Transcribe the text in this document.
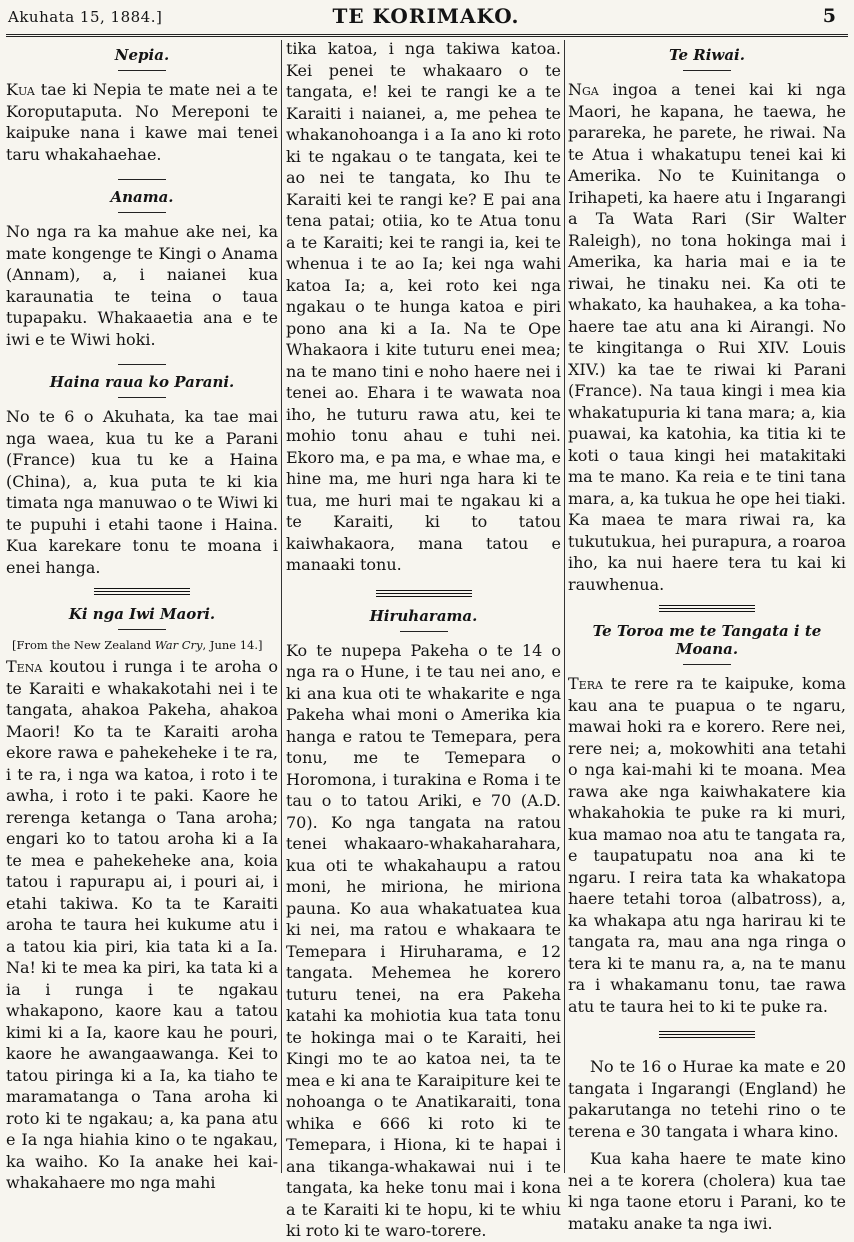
Akuhata 15, 1884.]	TE KORIMAKO.	5
Nepia.

Kua tae ki Nepia te mate nei a te Koroputaputa. No Mereponi te kaipuke nana i kawe mai tenei taru whakahaehae.

Anama.

No nga ra ka mahue ake nei, ka mate kongenge te Kingi o Anama (Annam), a, i naianei kua karaunatia te teina o taua tupapaku. Whakaaetia ana e te iwi e te Wiwi hoki.

Haina raua ko Parani.

No te 6 o Akuhata, ka tae mai nga waea, kua tu ke a Parani (France) kua tu ke a Haina (China), a, kua puta te ki kia timata nga manuwao o te Wiwi ki te pupuhi i etahi taone i Haina. Kua karekare tonu te moana i enei hanga.

Ki nga Iwi Maori.
[From the New Zealand War Cry, June 14.]

Tena koutou i runga i te aroha o te Karaiti e whakakotahi nei i te tangata, ahakoa Pakeha, ahakoa Maori! Ko ta te Karaiti aroha ekore rawa e pahekeheke i te ra, i te ra, i nga wa katoa, i roto i te awha, i roto i te paki. Kaore he rerenga ketanga o Tana aroha; engari ko to tatou aroha ki a Ia te mea e pahekeheke ana, koia tatou i rapurapu ai, i pouri ai, i etahi takiwa. Ko ta te Karaiti aroha te taura hei kukume atu i a tatou kia piri, kia tata ki a Ia. Na! ki te mea ka piri, ka tata ki a ia i runga i te ngakau whakapono, kaore kau a tatou kimi ki a Ia, kaore kau he pouri, kaore he awangaawanga. Kei to tatou piringa ki a Ia, ka tiaho te maramatanga o Tana aroha ki roto ki te ngakau; a, ka pana atu e Ia nga hiahia kino o te ngakau, ka waiho. Ko Ia anake hei kai-whakahaere mo nga mahi

tika katoa, i nga takiwa katoa. Kei penei te whakaaro o te tangata, e! kei te rangi ke a te Karaiti i naianei, a, me pehea te whakanohoanga i a Ia ano ki roto ki te ngakau o te tangata, kei te ao nei te tangata, ko Ihu te Karaiti kei te rangi ke? E pai ana tena patai; otiia, ko te Atua tonu a te Karaiti; kei te rangi ia, kei te whenua i te ao Ia; kei nga wahi katoa Ia; a, kei roto kei nga ngakau o te hunga katoa e piri pono ana ki a Ia. Na te Ope Whakaora i kite tuturu enei mea; na te mano tini e noho haere nei i tenei ao. Ehara i te wawata noa iho, he tuturu rawa atu, kei te mohio tonu ahau e tuhi nei. Ekoro ma, e pa ma, e whae ma, e hine ma, me huri nga hara ki te tua, me huri mai te ngakau ki a te Karaiti, ki to tatou kaiwhakaora, mana tatou e manaaki tonu.

Hiruharama.

Ko te nupepa Pakeha o te 14 o nga ra o Hune, i te tau nei ano, e ki ana kua oti te whakarite e nga Pakeha whai moni o Amerika kia hanga e ratou te Temepara, pera tonu, me te Temepara o Horomona, i turakina e Roma i te tau o to tatou Ariki, e 70 (A.D. 70). Ko nga tangata na ratou tenei whakaaro-whakaharahara, kua oti te whakahaupu a ratou moni, he miriona, he miriona pauna. Ko aua whakatuatea kua ki nei, ma ratou e whakaara te Temepara i Hiruharama, e 12 tangata. Mehemea he korero tuturu tenei, na era Pakeha katahi ka mohiotia kua tata tonu te hokinga mai o te Karaiti, hei Kingi mo te ao katoa nei, ta te mea e ki ana te Karaipiture kei te nohoanga o te Anatikaraiti, tona whika e 666 ki roto ki te Temepara, i Hiona, ki te hapai i ana tikanga-whakawai nui i te tangata, ka heke tonu mai i kona a te Karaiti ki te hopu, ki te whiu ki roto ki te waro-torere.

Te Riwai.

Nga ingoa a tenei kai ki nga Maori, he kapana, he taewa, he parareka, he parete, he riwai. Na te Atua i whakatupu tenei kai ki Amerika. No te Kuinitanga o Irihapeti, ka haere atu i Ingarangi a Ta Wata Rari (Sir Walter Raleigh), no tona hokinga mai i Amerika, ka haria mai e ia te riwai, he tinaku nei. Ka oti te whakato, ka hauhakea, a ka toha-haere tae atu ana ki Airangi. No te kingitanga o Rui XIV. Louis XIV.) ka tae te riwai ki Parani (France). Na taua kingi i mea kia whakatupuria ki tana mara; a, kia puawai, ka katohia, ka titia ki te koti o taua kingi hei matakitaki ma te mano. Ka reia e te tini tana mara, a, ka tukua he ope hei tiaki. Ka maea te mara riwai ra, ka tukutukua, hei purapura, a roaroa iho, ka nui haere tera tu kai ki rauwhenua.

Te Toroa me te Tangata i te Moana.

Tera te rere ra te kaipuke, koma kau ana te puapua o te ngaru, mawai hoki ra e korero. Rere nei, rere nei; a, mokowhiti ana tetahi o nga kai-mahi ki te moana. Mea rawa ake nga kaiwhakatere kia whakahokia te puke ra ki muri, kua mamao noa atu te tangata ra, e taupatupatu noa ana ki te ngaru. I reira tata ka whakatopa haere tetahi toroa (albatross), a, ka whakapa atu nga harirau ki te tangata ra, mau ana nga ringa o tera ki te manu ra, a, na te manu ra i whakamanu tonu, tae rawa atu te taura hei to ki te puke ra.

No te 16 o Hurae ka mate e 20 tangata i Ingarangi (England) he pakarutanga no tetehi rino o te terena e 30 tangata i whara kino.

Kua kaha haere te mate kino nei a te korera (cholera) kua tae ki nga taone etoru i Parani, ko te mataku anake ta nga iwi.
